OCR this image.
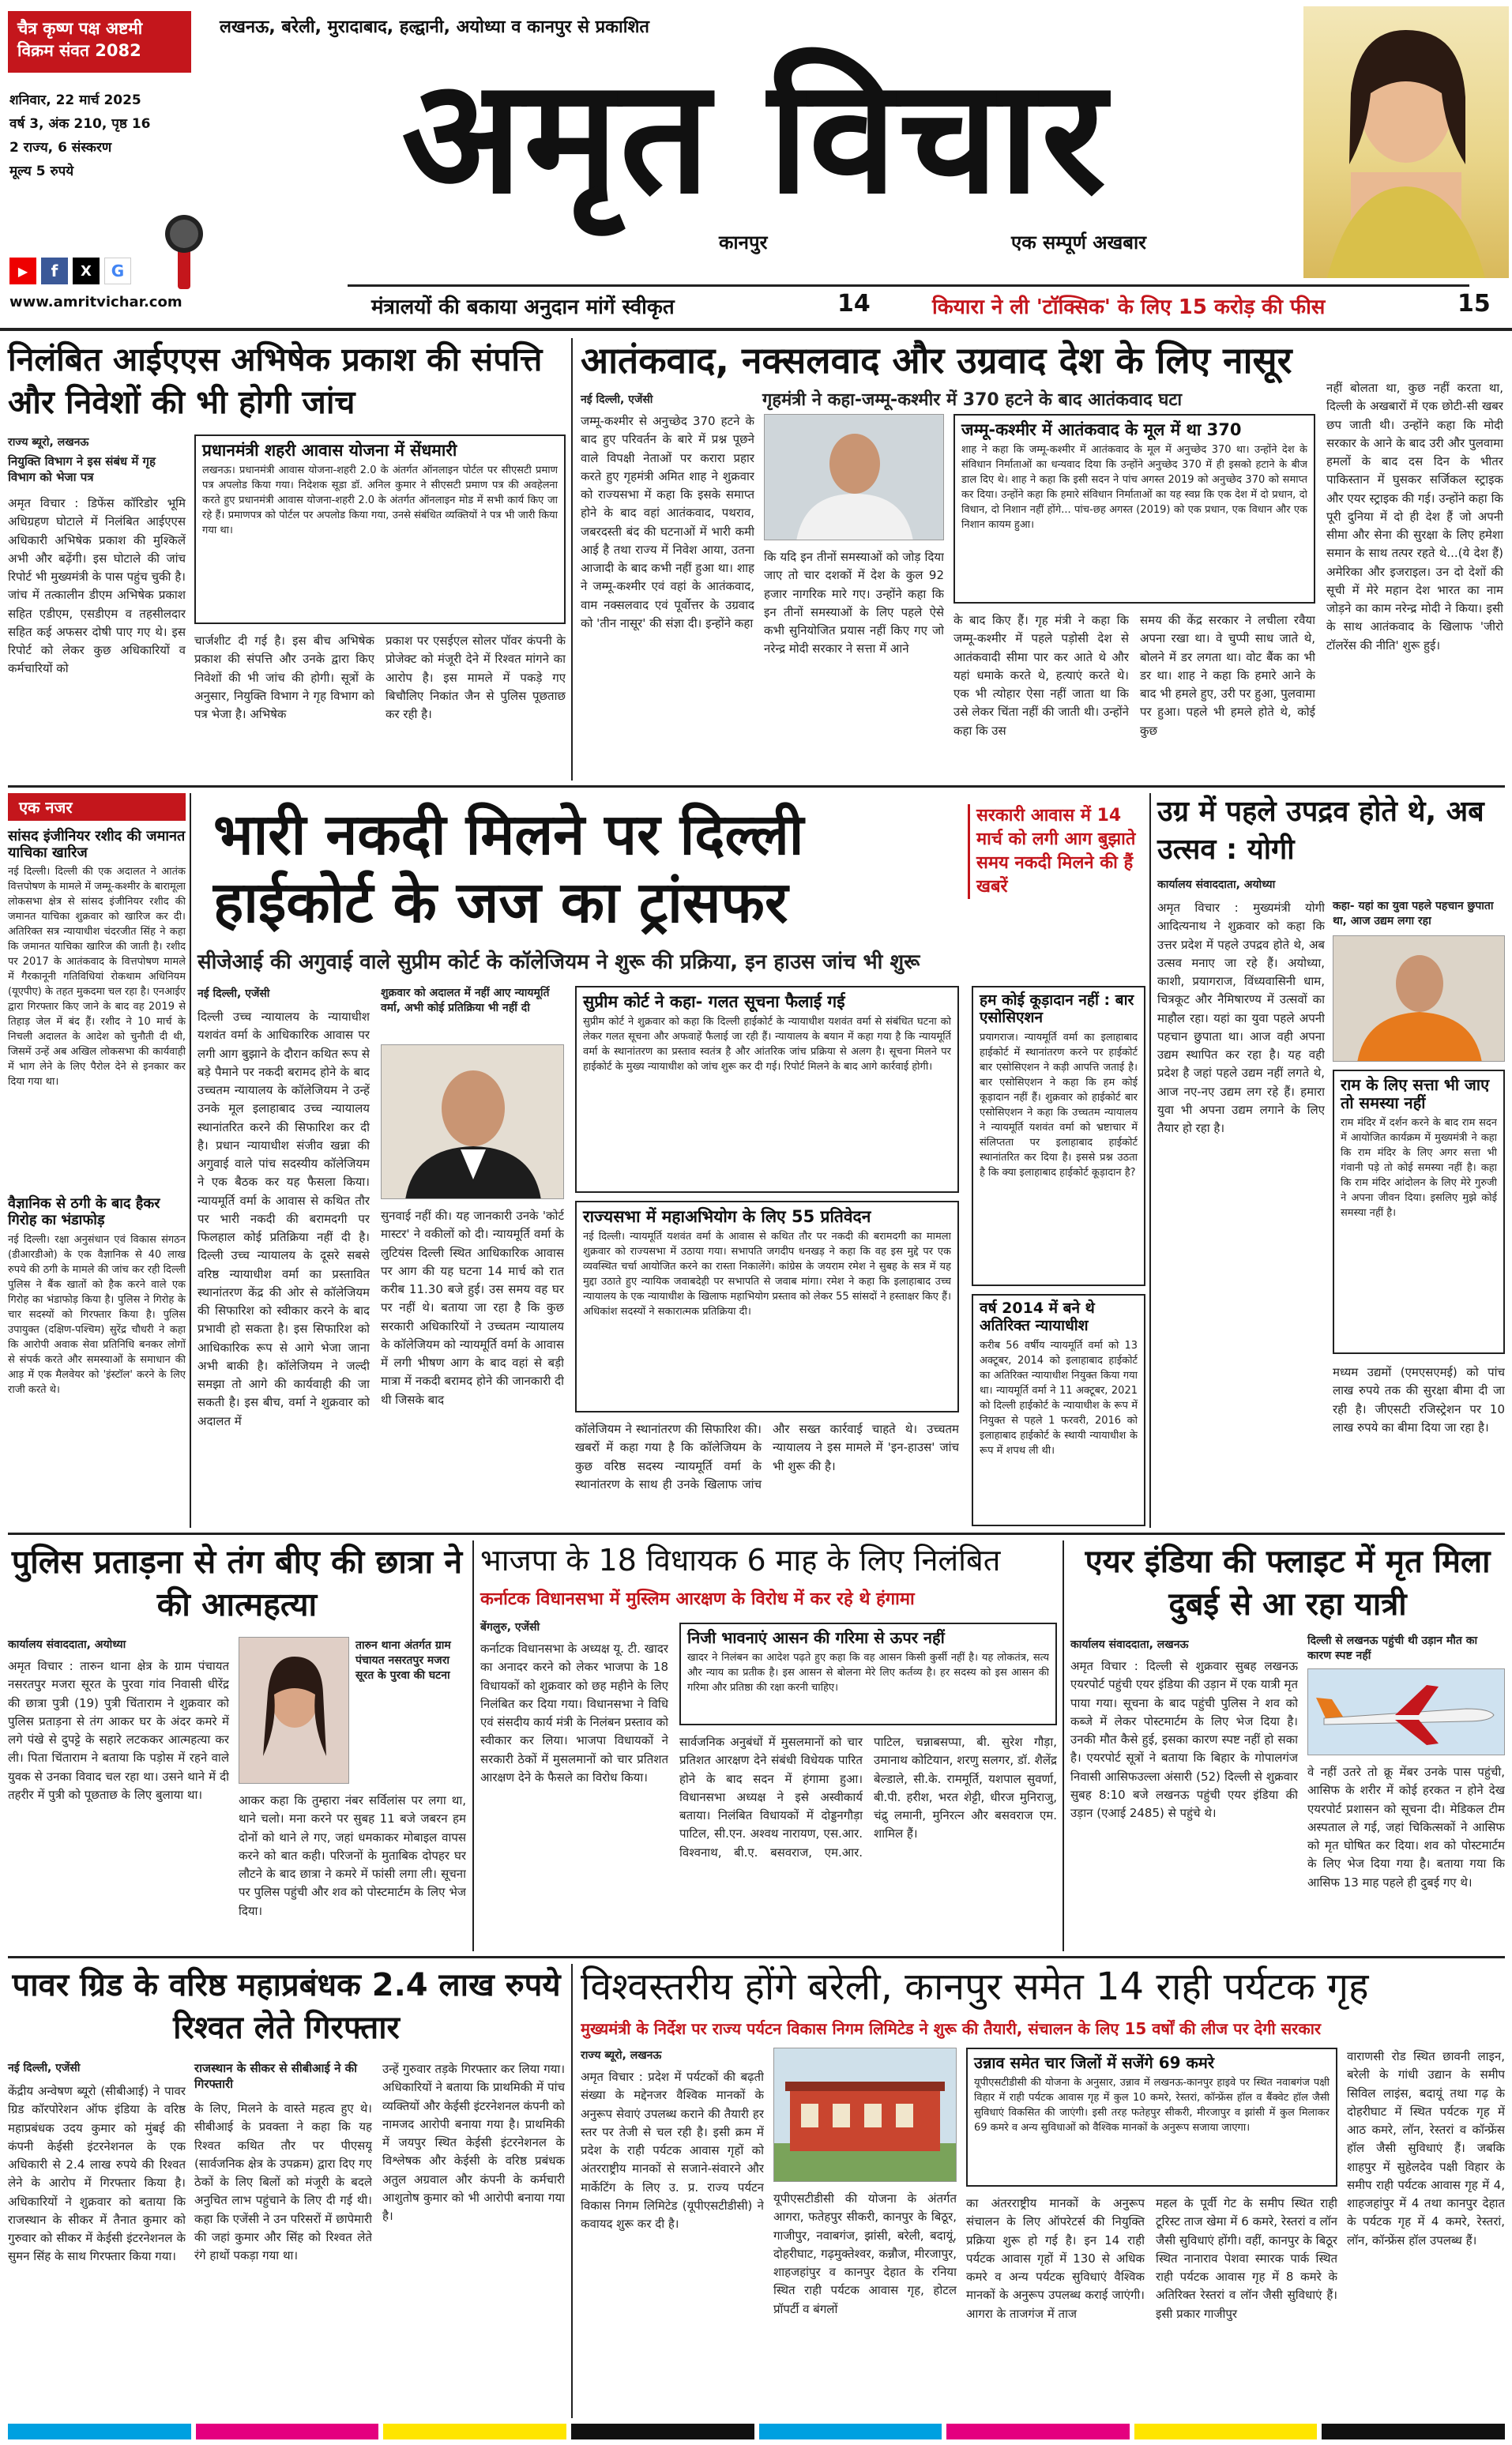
चैत्र कृष्ण पक्ष अष्टमी
विक्रम संवत 2082
शनिवार, 22 मार्च 2025
वर्ष 3, अंक 210, पृष्ठ 16
2 राज्य, 6 संस्करण
मूल्य 5 रुपये
▶	f	X	G
www.amritvichar.com
लखनऊ, बरेली, मुरादाबाद, हल्द्वानी, अयोध्या व कानपुर से प्रकाशित
अमृत विचार
कानपुर	एक सम्पूर्ण अखबार
मंत्रालयों की बकाया अनुदान मांगें स्वीकृत	14	कियारा ने ली 'टॉक्सिक' के लिए 15 करोड़ की फीस	15
निलंबित आईएएस अभिषेक प्रकाश की संपत्ति और निवेशों की भी होगी जांच
राज्य ब्यूरो, लखनऊ
नियुक्ति विभाग ने इस संबंध में गृह विभाग को भेजा पत्र
अमृत विचार : डिफेंस कॉरिडोर भूमि अधिग्रहण घोटाले में निलंबित आईएएस अधिकारी अभिषेक प्रकाश की मुश्किलें अभी और बढ़ेंगी। इस घोटाले की जांच रिपोर्ट भी मुख्यमंत्री के पास पहुंच चुकी है। जांच में तत्कालीन डीएम अभिषेक प्रकाश सहित एडीएम, एसडीएम व तहसीलदार सहित कई अफसर दोषी पाए गए थे। इस रिपोर्ट को लेकर कुछ अधिकारियों व कर्मचारियों को
प्रधानमंत्री शहरी आवास योजना में सेंधमारी
लखनऊ। प्रधानमंत्री आवास योजना-शहरी 2.0 के अंतर्गत ऑनलाइन पोर्टल पर सीएसटी प्रमाण पत्र अपलोड किया गया। निदेशक सूडा डॉ. अनिल कुमार ने सीएसटी प्रमाण पत्र की अवहेलना करते हुए प्रधानमंत्री आवास योजना-शहरी 2.0 के अंतर्गत ऑनलाइन मोड में सभी कार्य किए जा रहे हैं। प्रमाणपत्र को पोर्टल पर अपलोड किया गया, उनसे संबंधित व्यक्तियों ने पत्र भी जारी किया गया था।
चार्जशीट दी गई है। इस बीच अभिषेक प्रकाश की संपत्ति और उनके द्वारा किए निवेशों की भी जांच की होगी। सूत्रों के अनुसार, नियुक्ति विभाग ने गृह विभाग को पत्र भेजा है। अभिषेक
प्रकाश पर एसईएल सोलर पॉवर कंपनी के प्रोजेक्ट को मंजूरी देने में रिश्वत मांगने का आरोप है। इस मामले में पकड़े गए बिचौलिए निकांत जैन से पुलिस पूछताछ कर रही है।
आतंकवाद, नक्सलवाद और उग्रवाद देश के लिए नासूर
नई दिल्ली, एजेंसी	गृहमंत्री ने कहा-जम्मू-कश्मीर में 370 हटने के बाद आतंकवाद घटा
जम्मू-कश्मीर से अनुच्छेद 370 हटने के बाद हुए परिवर्तन के बारे में प्रश्न पूछने वाले विपक्षी नेताओं पर करारा प्रहार करते हुए गृहमंत्री अमित शाह ने शुक्रवार को राज्यसभा में कहा कि इसके समाप्त होने के बाद वहां आतंकवाद, पथराव, जबरदस्ती बंद की घटनाओं में भारी कमी आई है तथा राज्य में निवेश आया, उतना आजादी के बाद कभी नहीं हुआ था। शाह ने जम्मू-कश्मीर एवं वहां के आतंकवाद, वाम नक्सलवाद एवं पूर्वोत्तर के उग्रवाद को 'तीन नासूर' की संज्ञा दी। इन्होंने कहा
कि यदि इन तीनों समस्याओं को जोड़ दिया जाए तो चार दशकों में देश के कुल 92 हजार नागरिक मारे गए। उन्होंने कहा कि इन तीनों समस्याओं के लिए पहले ऐसे कभी सुनियोजित प्रयास नहीं किए गए जो नरेन्द्र मोदी सरकार ने सत्ता में आने
जम्मू-कश्मीर में आतंकवाद के मूल में था 370
शाह ने कहा कि जम्मू-कश्मीर में आतंकवाद के मूल में अनुच्छेद 370 था। उन्होंने देश के संविधान निर्माताओं का धन्यवाद दिया कि उन्होंने अनुच्छेद 370 में ही इसको हटाने के बीज डाल दिए थे। शाह ने कहा कि इसी सदन ने पांच अगस्त 2019 को अनुच्छेद 370 को समाप्त कर दिया। उन्होंने कहा कि हमारे संविधान निर्माताओं का यह स्वप्न कि एक देश में दो प्रधान, दो विधान, दो निशान नहीं होंगे... पांच-छह अगस्त (2019) को एक प्रधान, एक विधान और एक निशान कायम हुआ।
के बाद किए हैं। गृह मंत्री ने कहा कि जम्मू-कश्मीर में पहले पड़ोसी देश से आतंकवादी सीमा पार कर आते थे और यहां धमाके करते थे, हत्याएं करते थे। एक भी त्योहार ऐसा नहीं जाता था कि उसे लेकर चिंता नहीं की जाती थी। उन्होंने कहा कि उस
समय की केंद्र सरकार ने लचीला रवैया अपना रखा था। वे चुप्पी साध जाते थे, बोलने में डर लगता था। वोट बैंक का भी डर था। शाह ने कहा कि हमारे आने के बाद भी हमले हुए, उरी पर हुआ, पुलवामा पर हुआ। पहले भी हमले होते थे, कोई कुछ
नहीं बोलता था, कुछ नहीं करता था, दिल्ली के अखबारों में एक छोटी-सी खबर छप जाती थी। उन्होंने कहा कि मोदी सरकार के आने के बाद उरी और पुलवामा हमलों के बाद दस दिन के भीतर पाकिस्तान में घुसकर सर्जिकल स्ट्राइक और एयर स्ट्राइक की गई। उन्होंने कहा कि पूरी दुनिया में दो ही देश हैं जो अपनी सीमा और सेना की सुरक्षा के लिए हमेशा समान के साथ तत्पर रहते थे...(ये देश हैं) अमेरिका और इजराइल। उन दो देशों की सूची में मेरे महान देश भारत का नाम जोड़ने का काम नरेन्द्र मोदी ने किया। इसी के साथ आतंकवाद के खिलाफ 'जीरो टॉलरेंस की नीति' शुरू हुई।
एक नजर
सांसद इंजीनियर रशीद की जमानत याचिका खारिज
नई दिल्ली। दिल्ली की एक अदालत ने आतंक वित्तपोषण के मामले में जम्मू-कश्मीर के बारामूला लोकसभा क्षेत्र से सांसद इंजीनियर रशीद की जमानत याचिका शुक्रवार को खारिज कर दी। अतिरिक्त सत्र न्यायाधीश चंदरजीत सिंह ने कहा कि जमानत याचिका खारिज की जाती है। रशीद पर 2017 के आतंकवाद के वित्तपोषण मामले में गैरकानूनी गतिविधियां रोकथाम अधिनियम (यूएपीए) के तहत मुकदमा चल रहा है। एनआईए द्वारा गिरफ्तार किए जाने के बाद वह 2019 से तिहाड़ जेल में बंद हैं। रशीद ने 10 मार्च के निचली अदालत के आदेश को चुनौती दी थी, जिसमें उन्हें अब अखिल लोकसभा की कार्यवाही में भाग लेने के लिए पैरोल देने से इनकार कर दिया गया था।
वैज्ञानिक से ठगी के बाद हैकर गिरोह का भंडाफोड़
नई दिल्ली। रक्षा अनुसंधान एवं विकास संगठन (डीआरडीओ) के एक वैज्ञानिक से 40 लाख रुपये की ठगी के मामले की जांच कर रही दिल्ली पुलिस ने बैंक खातों को हैक करने वाले एक गिरोह का भंडाफोड़ किया है। पुलिस ने गिरोह के चार सदस्यों को गिरफ्तार किया है। पुलिस उपायुक्त (दक्षिण-पश्चिम) सुरेंद्र चौधरी ने कहा कि आरोपी अवाक सेवा प्रतिनिधि बनकर लोगों से संपर्क करते और समस्याओं के समाधान की आड़ में एक मैलवेयर को 'इंस्टॉल' करने के लिए राजी करते थे।
भारी नकदी मिलने पर दिल्ली
हाईकोर्ट के जज का ट्रांसफर
सरकारी आवास में 14 मार्च को लगी आग बुझाते समय नकदी मिलने की हैं खबरें
सीजेआई की अगुवाई वाले सुप्रीम कोर्ट के कॉलेजियम ने शुरू की प्रक्रिया, इन हाउस जांच भी शुरू
नई दिल्ली, एजेंसी
दिल्ली उच्च न्यायालय के न्यायाधीश यशवंत वर्मा के आधिकारिक आवास पर लगी आग बुझाने के दौरान कथित रूप से बड़े पैमाने पर नकदी बरामद होने के बाद उच्चतम न्यायालय के कॉलेजियम ने उन्हें उनके मूल इलाहाबाद उच्च न्यायालय स्थानांतरित करने की सिफारिश कर दी है। प्रधान न्यायाधीश संजीव खन्ना की अगुवाई वाले पांच सदस्यीय कॉलेजियम ने एक बैठक कर यह फैसला किया। न्यायमूर्ति वर्मा के आवास से कथित तौर पर भारी नकदी की बरामदगी पर फिलहाल कोई प्रतिक्रिया नहीं दी है। दिल्ली उच्च न्यायालय के दूसरे सबसे वरिष्ठ न्यायाधीश वर्मा का प्रस्तावित स्थानांतरण केंद्र की ओर से कॉलेजियम की सिफारिश को स्वीकार करने के बाद प्रभावी हो सकता है। इस सिफारिश को आधिकारिक रूप से आगे भेजा जाना अभी बाकी है। कॉलेजियम ने जल्दी समझा तो आगे की कार्यवाही की जा सकती है। इस बीच, वर्मा ने शुक्रवार को अदालत में
शुक्रवार को अदालत में नहीं आए न्यायमूर्ति वर्मा, अभी कोई प्रतिक्रिया भी नहीं दी
सुनवाई नहीं की। यह जानकारी उनके 'कोर्ट मास्टर' ने वकीलों को दी। न्यायमूर्ति वर्मा के लुटियंस दिल्ली स्थित आधिकारिक आवास पर आग की यह घटना 14 मार्च को रात करीब 11.30 बजे हुई। उस समय वह घर पर नहीं थे। बताया जा रहा है कि कुछ सरकारी अधिकारियों ने उच्चतम न्यायालय के कॉलेजियम को न्यायमूर्ति वर्मा के आवास में लगी भीषण आग के बाद वहां से बड़ी मात्रा में नकदी बरामद होने की जानकारी दी थी जिसके बाद
सुप्रीम कोर्ट ने कहा- गलत सूचना फैलाई गई
सुप्रीम कोर्ट ने शुक्रवार को कहा कि दिल्ली हाईकोर्ट के न्यायाधीश यशवंत वर्मा से संबंधित घटना को लेकर गलत सूचना और अफवाहें फैलाई जा रही हैं। न्यायालय के बयान में कहा गया है कि न्यायमूर्ति वर्मा के स्थानांतरण का प्रस्ताव स्वतंत्र है और आंतरिक जांच प्रक्रिया से अलग है। सूचना मिलने पर हाईकोर्ट के मुख्य न्यायाधीश को जांच शुरू कर दी गई। रिपोर्ट मिलने के बाद आगे कार्रवाई होगी।
हम कोई कूड़ादान नहीं : बार एसोसिएशन
प्रयागराज। न्यायमूर्ति वर्मा का इलाहाबाद हाईकोर्ट में स्थानांतरण करने पर हाईकोर्ट बार एसोसिएशन ने कड़ी आपत्ति जताई है। बार एसोसिएशन ने कहा कि हम कोई कूड़ादान नहीं हैं। शुक्रवार को हाईकोर्ट बार एसोसिएशन ने कहा कि उच्चतम न्यायालय ने न्यायमूर्ति यशवंत वर्मा को भ्रष्टाचार में संलिप्तता पर इलाहाबाद हाईकोर्ट स्थानांतरित कर दिया है। इससे प्रश्न उठता है कि क्या इलाहाबाद हाईकोर्ट कूड़ादान है?
राज्यसभा में महाअभियोग के लिए 55 प्रतिवेदन
नई दिल्ली। न्यायमूर्ति यशवंत वर्मा के आवास से कथित तौर पर नकदी की बरामदगी का मामला शुक्रवार को राज्यसभा में उठाया गया। सभापति जगदीप धनखड़ ने कहा कि वह इस मुद्दे पर एक व्यवस्थित चर्चा आयोजित करने का रास्ता निकालेंगे। कांग्रेस के जयराम रमेश ने सुबह के सत्र में यह मुद्दा उठाते हुए न्यायिक जवाबदेही पर सभापति से जवाब मांगा। रमेश ने कहा कि इलाहाबाद उच्च न्यायालय के एक न्यायाधीश के खिलाफ महाभियोग प्रस्ताव को लेकर 55 सांसदों ने हस्ताक्षर किए हैं। अधिकांश सदस्यों ने सकारात्मक प्रतिक्रिया दी।	वर्ष 2014 में बने थे अतिरिक्त न्यायाधीश
करीब 56 वर्षीय न्यायमूर्ति वर्मा को 13 अक्टूबर, 2014 को इलाहाबाद हाईकोर्ट का अतिरिक्त न्यायाधीश नियुक्त किया गया था। न्यायमूर्ति वर्मा ने 11 अक्टूबर, 2021 को दिल्ली हाईकोर्ट के न्यायाधीश के रूप में नियुक्त से पहले 1 फरवरी, 2016 को इलाहाबाद हाईकोर्ट के स्थायी न्यायाधीश के रूप में शपथ ली थी।
कॉलेजियम ने स्थानांतरण की सिफारिश की। खबरों में कहा गया है कि कॉलेजियम के कुछ वरिष्ठ सदस्य न्यायमूर्ति वर्मा के स्थानांतरण के साथ ही उनके खिलाफ जांच और सख्त कार्रवाई चाहते थे। उच्चतम न्यायालय ने इस मामले में 'इन-हाउस' जांच भी शुरू की है।
उग्र में पहले उपद्रव होते थे, अब उत्सव : योगी
कार्यालय संवाददाता, अयोध्या
अमृत विचार : मुख्यमंत्री योगी आदित्यनाथ ने शुक्रवार को कहा कि उत्तर प्रदेश में पहले उपद्रव होते थे, अब उत्सव मनाए जा रहे हैं। अयोध्या, काशी, प्रयागराज, विंध्यवासिनी धाम, चित्रकूट और नैमिषारण्य में उत्सवों का माहौल रहा। यहां का युवा पहले अपनी पहचान छुपाता था। आज वही अपना उद्यम स्थापित कर रहा है। यह वही प्रदेश है जहां पहले उद्यम नहीं लगते थे, आज नए-नए उद्यम लग रहे हैं। हमारा युवा भी अपना उद्यम लगाने के लिए तैयार हो रहा है।
कहा- यहां का युवा पहले पहचान छुपाता था, आज उद्यम लगा रहा
राम के लिए सत्ता भी जाए तो समस्या नहीं
राम मंदिर में दर्शन करने के बाद राम सदन में आयोजित कार्यक्रम में मुख्यमंत्री ने कहा कि राम मंदिर के लिए अगर सत्ता भी गंवानी पड़े तो कोई समस्या नहीं है। कहा कि राम मंदिर आंदोलन के लिए मेरे गुरुजी ने अपना जीवन दिया। इसलिए मुझे कोई समस्या नहीं है।
मध्यम उद्यमों (एमएसएमई) को पांच लाख रुपये तक की सुरक्षा बीमा दी जा रही है। जीएसटी रजिस्ट्रेशन पर 10 लाख रुपये का बीमा दिया जा रहा है।
पुलिस प्रताड़ना से तंग बीए की छात्रा ने की आत्महत्या
कार्यालय संवाददाता, अयोध्या
अमृत विचार : तारुन थाना क्षेत्र के ग्राम पंचायत नसरतपुर मजरा सूरत के पुरवा गांव निवासी धीरेंद्र की छात्रा पुत्री (19) पुत्री चिंताराम ने शुक्रवार को पुलिस प्रताड़ना से तंग आकर घर के अंदर कमरे में लगे पंखे से दुपट्टे के सहारे लटककर आत्महत्या कर ली। पिता चिंताराम ने बताया कि पड़ोस में रहने वाले युवक से उनका विवाद चल रहा था। उसने थाने में दी तहरीर में पुत्री को पूछताछ के लिए बुलाया था।
तारुन थाना अंतर्गत ग्राम पंचायत नसरतपुर मजरा सूरत के पुरवा की घटना
आकर कहा कि तुम्हारा नंबर सर्विलांस पर लगा था, थाने चलो। मना करने पर सुबह 11 बजे जबरन हम दोनों को थाने ले गए, जहां धमकाकर मोबाइल वापस करने को बात कही। परिजनों के मुताबिक दोपहर घर लौटने के बाद छात्रा ने कमरे में फांसी लगा ली। सूचना पर पुलिस पहुंची और शव को पोस्टमार्टम के लिए भेज दिया।
भाजपा के 18 विधायक 6 माह के लिए निलंबित
कर्नाटक विधानसभा में मुस्लिम आरक्षण के विरोध में कर रहे थे हंगामा
बेंगलुरु, एजेंसी
कर्नाटक विधानसभा के अध्यक्ष यू. टी. खादर का अनादर करने को लेकर भाजपा के 18 विधायकों को शुक्रवार को छह महीने के लिए निलंबित कर दिया गया। विधानसभा ने विधि एवं संसदीय कार्य मंत्री के निलंबन प्रस्ताव को स्वीकार कर लिया। भाजपा विधायकों ने सरकारी ठेकों में मुसलमानों को चार प्रतिशत आरक्षण देने के फैसले का विरोध किया।
निजी भावनाएं आसन की गरिमा से ऊपर नहीं
खादर ने निलंबन का आदेश पढ़ते हुए कहा कि वह आसन किसी कुर्सी नहीं है। यह लोकतंत्र, सत्य और न्याय का प्रतीक है। इस आसन से बोलना मेरे लिए कर्तव्य है। हर सदस्य को इस आसन की गरिमा और प्रतिष्ठा की रक्षा करनी चाहिए।
सार्वजनिक अनुबंधों में मुसलमानों को चार प्रतिशत आरक्षण देने संबंधी विधेयक पारित होने के बाद सदन में हंगामा हुआ। विधानसभा अध्यक्ष ने इसे अस्वीकार्य बताया। निलंबित विधायकों में दोड्डनगौड़ा पाटिल, सी.एन. अश्वथ नारायण, एस.आर. विश्वनाथ, बी.ए. बसवराज, एम.आर. पाटिल, चन्नाबसप्पा, बी. सुरेश गौड़ा, उमानाथ कोटियान, शरणु सलगर, डॉ. शैलेंद्र बेल्डाले, सी.के. राममूर्ति, यशपाल सुवर्णा, बी.पी. हरीश, भरत शेट्टी, धीरज मुनिराजु, चंद्रु लमानी, मुनिरत्न और बसवराज एम. शामिल हैं।
एयर इंडिया की फ्लाइट में मृत मिला दुबई से आ रहा यात्री
कार्यालय संवाददाता, लखनऊ	दिल्ली से लखनऊ पहुंची थी उड़ान मौत का कारण स्पष्ट नहीं
अमृत विचार : दिल्ली से शुक्रवार सुबह लखनऊ एयरपोर्ट पहुंची एयर इंडिया की उड़ान में एक यात्री मृत पाया गया। सूचना के बाद पहुंची पुलिस ने शव को कब्जे में लेकर पोस्टमार्टम के लिए भेज दिया है। उनकी मौत कैसे हुई, इसका कारण स्पष्ट नहीं हो सका है। एयरपोर्ट सूत्रों ने बताया कि बिहार के गोपालगंज निवासी आसिफउल्ला अंसारी (52) दिल्ली से शुक्रवार सुबह 8:10 बजे लखनऊ पहुंची एयर इंडिया की उड़ान (एआई 2485) से पहुंचे थे।
वे नहीं उतरे तो क्रू मेंबर उनके पास पहुंची, आसिफ के शरीर में कोई हरकत न होने देख एयरपोर्ट प्रशासन को सूचना दी। मेडिकल टीम अस्पताल ले गई, जहां चिकित्सकों ने आसिफ को मृत घोषित कर दिया। शव को पोस्टमार्टम के लिए भेज दिया गया है। बताया गया कि आसिफ 13 माह पहले ही दुबई गए थे।
पावर ग्रिड के वरिष्ठ महाप्रबंधक 2.4 लाख रुपये रिश्वत लेते गिरफ्तार
नई दिल्ली, एजेंसी	राजस्थान के सीकर से सीबीआई ने की गिरफ्तारी
केंद्रीय अन्वेषण ब्यूरो (सीबीआई) ने पावर ग्रिड कॉरपोरेशन ऑफ इंडिया के वरिष्ठ महाप्रबंधक उदय कुमार को मुंबई की कंपनी केईसी इंटरनेशनल के एक अधिकारी से 2.4 लाख रुपये की रिश्वत लेने के आरोप में गिरफ्तार किया है। अधिकारियों ने शुक्रवार को बताया कि राजस्थान के सीकर में तैनात कुमार को गुरुवार को सीकर में केईसी इंटरनेशनल के सुमन सिंह के साथ गिरफ्तार किया गया।
के लिए, मिलने के वास्ते महत्व हुए थे। सीबीआई के प्रवक्ता ने कहा कि यह रिश्वत कथित तौर पर पीएसयू (सार्वजनिक क्षेत्र के उपक्रम) द्वारा दिए गए ठेकों के लिए बिलों को मंजूरी के बदले अनुचित लाभ पहुंचाने के लिए दी गई थी। कहा कि एजेंसी ने उन परिसरों में छापेमारी की जहां कुमार और सिंह को रिश्वत लेते रंगे हाथों पकड़ा गया था।
उन्हें गुरुवार तड़के गिरफ्तार कर लिया गया। अधिकारियों ने बताया कि प्राथमिकी में पांच व्यक्तियों और केईसी इंटरनेशनल कंपनी को नामजद आरोपी बनाया गया है। प्राथमिकी में जयपुर स्थित केईसी इंटरनेशनल के विश्लेषक और केईसी के वरिष्ठ प्रबंधक अतुल अग्रवाल और कंपनी के कर्मचारी आशुतोष कुमार को भी आरोपी बनाया गया है।
विश्वस्तरीय होंगे बरेली, कानपुर समेत 14 राही पर्यटक गृह
मुख्यमंत्री के निर्देश पर राज्य पर्यटन विकास निगम लिमिटेड ने शुरू की तैयारी, संचालन के लिए 15 वर्षों की लीज पर देगी सरकार
राज्य ब्यूरो, लखनऊ
अमृत विचार : प्रदेश में पर्यटकों की बढ़ती संख्या के मद्देनजर वैश्विक मानकों के अनुरूप सेवाएं उपलब्ध कराने की तैयारी हर स्तर पर तेजी से चल रही है। इसी क्रम में प्रदेश के राही पर्यटक आवास गृहों को अंतरराष्ट्रीय मानकों से सजाने-संवारने और मार्केटिंग के लिए उ. प्र. राज्य पर्यटन विकास निगम लिमिटेड (यूपीएसटीडीसी) ने कवायद शुरू कर दी है।
यूपीएसटीडीसी की योजना के अंतर्गत आगरा, फतेहपुर सीकरी, कानपुर के बिठूर, गाजीपुर, नवाबगंज, झांसी, बरेली, बदायूं, दोहरीघाट, गढ़मुक्तेश्वर, कन्नौज, मीरजापुर, शाहजहांपुर व कानपुर देहात के रनिया स्थित राही पर्यटक आवास गृह, होटल प्रॉपर्टी व बंगलों
उन्नाव समेत चार जिलों में सजेंगे 69 कमरे
यूपीएसटीडीसी की योजना के अनुसार, उन्नाव में लखनऊ-कानपुर हाइवे पर स्थित नवाबगंज पक्षी विहार में राही पर्यटक आवास गृह में कुल 10 कमरे, रेस्तरां, कॉन्फ्रेंस हॉल व बैंक्वेट हॉल जैसी सुविधाएं विकसित की जाएंगी। इसी तरह फतेहपुर सीकरी, मीरजापुर व झांसी में कुल मिलाकर 69 कमरे व अन्य सुविधाओं को वैश्विक मानकों के अनुरूप सजाया जाएगा।
का अंतरराष्ट्रीय मानकों के अनुरूप संचालन के लिए ऑपरेटर्स की नियुक्ति प्रक्रिया शुरू हो गई है। इन 14 राही पर्यटक आवास गृहों में 130 से अधिक कमरे व अन्य पर्यटक सुविधाएं वैश्विक मानकों के अनुरूप उपलब्ध कराई जाएंगी। आगरा के ताजगंज में ताज
महल के पूर्वी गेट के समीप स्थित राही टूरिस्ट ताज खेमा में 6 कमरे, रेस्तरां व लॉन जैसी सुविधाएं होंगी। वहीं, कानपुर के बिठूर स्थित नानाराव पेशवा स्मारक पार्क स्थित राही पर्यटक आवास गृह में 8 कमरे के अतिरिक्त रेस्तरां व लॉन जैसी सुविधाएं हैं। इसी प्रकार गाजीपुर
वाराणसी रोड स्थित छावनी लाइन, बरेली के गांधी उद्यान के समीप सिविल लाइंस, बदायूं तथा गढ़ के दोहरीघाट में स्थित पर्यटक गृह में आठ कमरे, लॉन, रेस्तरां व कॉन्फ्रेंस हॉल जैसी सुविधाएं हैं। जबकि शाहपुर में सुहेलदेव पक्षी विहार के समीप राही पर्यटक आवास गृह में 4, शाहजहांपुर में 4 तथा कानपुर देहात के पर्यटक गृह में 4 कमरे, रेस्तरां, लॉन, कॉन्फ्रेंस हॉल उपलब्ध हैं।
